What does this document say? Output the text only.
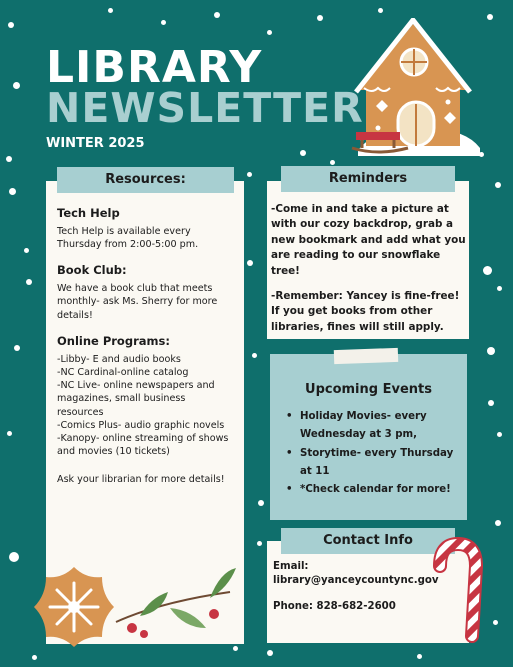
LIBRARY
NEWSLETTER
WINTER 2025
Resources:
Tech Help

Tech Help is available every Thursday from 2:00-5:00 pm.

Book Club:

We have a book club that meets monthly- ask Ms. Sherry for more details!

Online Programs:
-Libby- E and audio books
-NC Cardinal-online catalog
-NC Live- online newspapers and magazines, small business resources
-Comics Plus- audio graphic novels
-Kanopy- online streaming of shows and movies (10 tickets)

Ask your librarian for more details!

Reminders

-Come in and take a picture at with our cozy backdrop, grab a new bookmark and add what you are reading to our snowflake tree!

-Remember: Yancey is fine-free! If you get books from other libraries, fines will still apply.

Upcoming Events
• Holiday Movies- every Wednesday at 3 pm,
• Storytime- every Thursday at 11
• *Check calendar for more!
Contact Info
Email:

library@yanceycountync.gov

Phone: 828-682-2600
